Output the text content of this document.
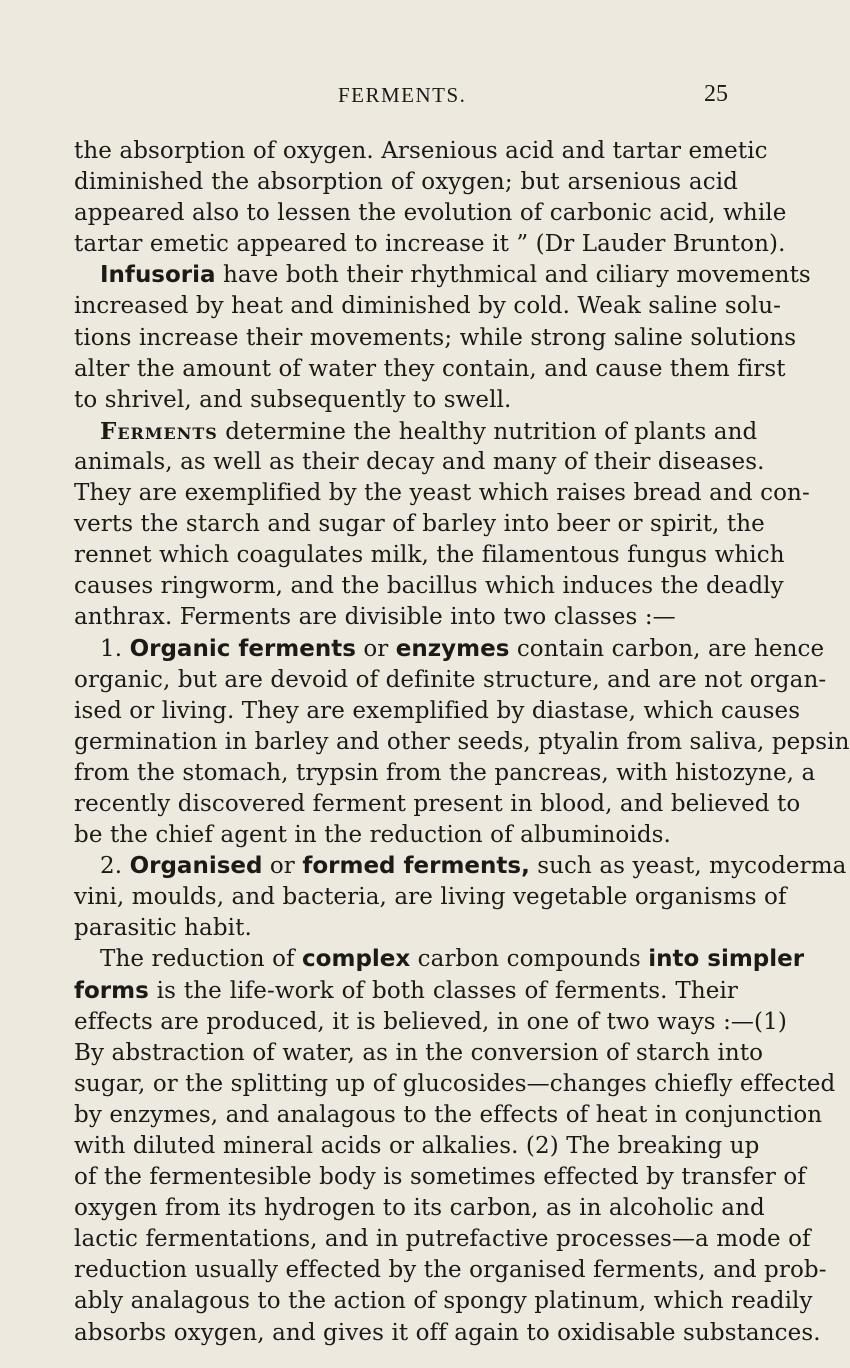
FERMENTS.	25
the absorption of oxygen. Arsenious acid and tartar emetic
diminished the absorption of oxygen; but arsenious acid
appeared also to lessen the evolution of carbonic acid, while
tartar emetic appeared to increase it ” (Dr Lauder Brunton).
Infusoria have both their rhythmical and ciliary movements
increased by heat and diminished by cold. Weak saline solu-
tions increase their movements; while strong saline solutions
alter the amount of water they contain, and cause them first
to shrivel, and subsequently to swell.
Ferments determine the healthy nutrition of plants and
animals, as well as their decay and many of their diseases.
They are exemplified by the yeast which raises bread and con-
verts the starch and sugar of barley into beer or spirit, the
rennet which coagulates milk, the filamentous fungus which
causes ringworm, and the bacillus which induces the deadly
anthrax. Ferments are divisible into two classes :—
1. Organic ferments or enzymes contain carbon, are hence
organic, but are devoid of definite structure, and are not organ-
ised or living. They are exemplified by diastase, which causes
germination in barley and other seeds, ptyalin from saliva, pepsin
from the stomach, trypsin from the pancreas, with histozyne, a
recently discovered ferment present in blood, and believed to
be the chief agent in the reduction of albuminoids.
2. Organised or formed ferments, such as yeast, mycoderma
vini, moulds, and bacteria, are living vegetable organisms of
parasitic habit.
The reduction of complex carbon compounds into simpler
forms is the life-work of both classes of ferments. Their
effects are produced, it is believed, in one of two ways :—(1)
By abstraction of water, as in the conversion of starch into
sugar, or the splitting up of glucosides—changes chiefly effected
by enzymes, and analagous to the effects of heat in conjunction
with diluted mineral acids or alkalies. (2) The breaking up
of the fermentesible body is sometimes effected by transfer of
oxygen from its hydrogen to its carbon, as in alcoholic and
lactic fermentations, and in putrefactive processes—a mode of
reduction usually effected by the organised ferments, and prob-
ably analagous to the action of spongy platinum, which readily
absorbs oxygen, and gives it off again to oxidisable substances.
